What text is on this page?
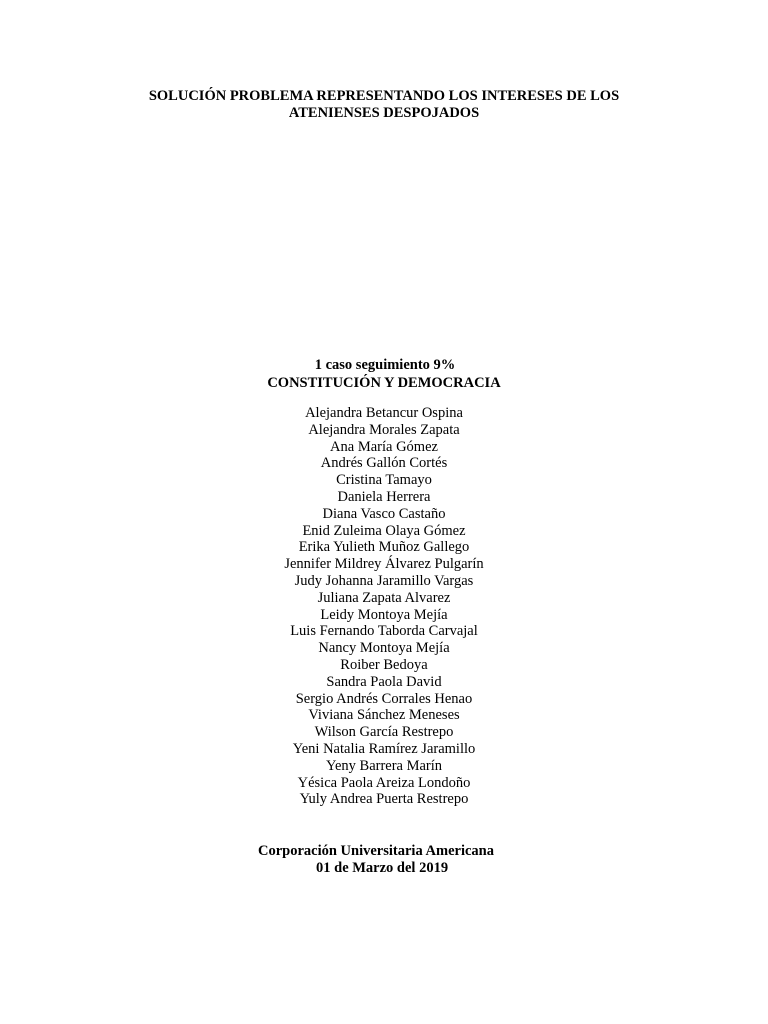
SOLUCIÓN PROBLEMA REPRESENTANDO LOS INTERESES DE LOS
ATENIENSES DESPOJADOS
1 caso seguimiento 9%
CONSTITUCIÓN Y DEMOCRACIA
Alejandra Betancur Ospina
Alejandra Morales Zapata
Ana María Gómez
Andrés Gallón Cortés
Cristina Tamayo
Daniela Herrera
Diana Vasco Castaño
Enid Zuleima Olaya Gómez
Erika Yulieth Muñoz Gallego
Jennifer Mildrey Álvarez Pulgarín
Judy Johanna Jaramillo Vargas
Juliana Zapata Alvarez
Leidy Montoya Mejía
Luis Fernando Taborda Carvajal
Nancy Montoya Mejía
Roiber Bedoya
Sandra Paola David
Sergio Andrés Corrales Henao
Viviana Sánchez Meneses
Wilson García Restrepo
Yeni Natalia Ramírez Jaramillo
Yeny Barrera Marín
Yésica Paola Areiza Londoño
Yuly Andrea Puerta Restrepo
Corporación Universitaria Americana
01 de Marzo del 2019
